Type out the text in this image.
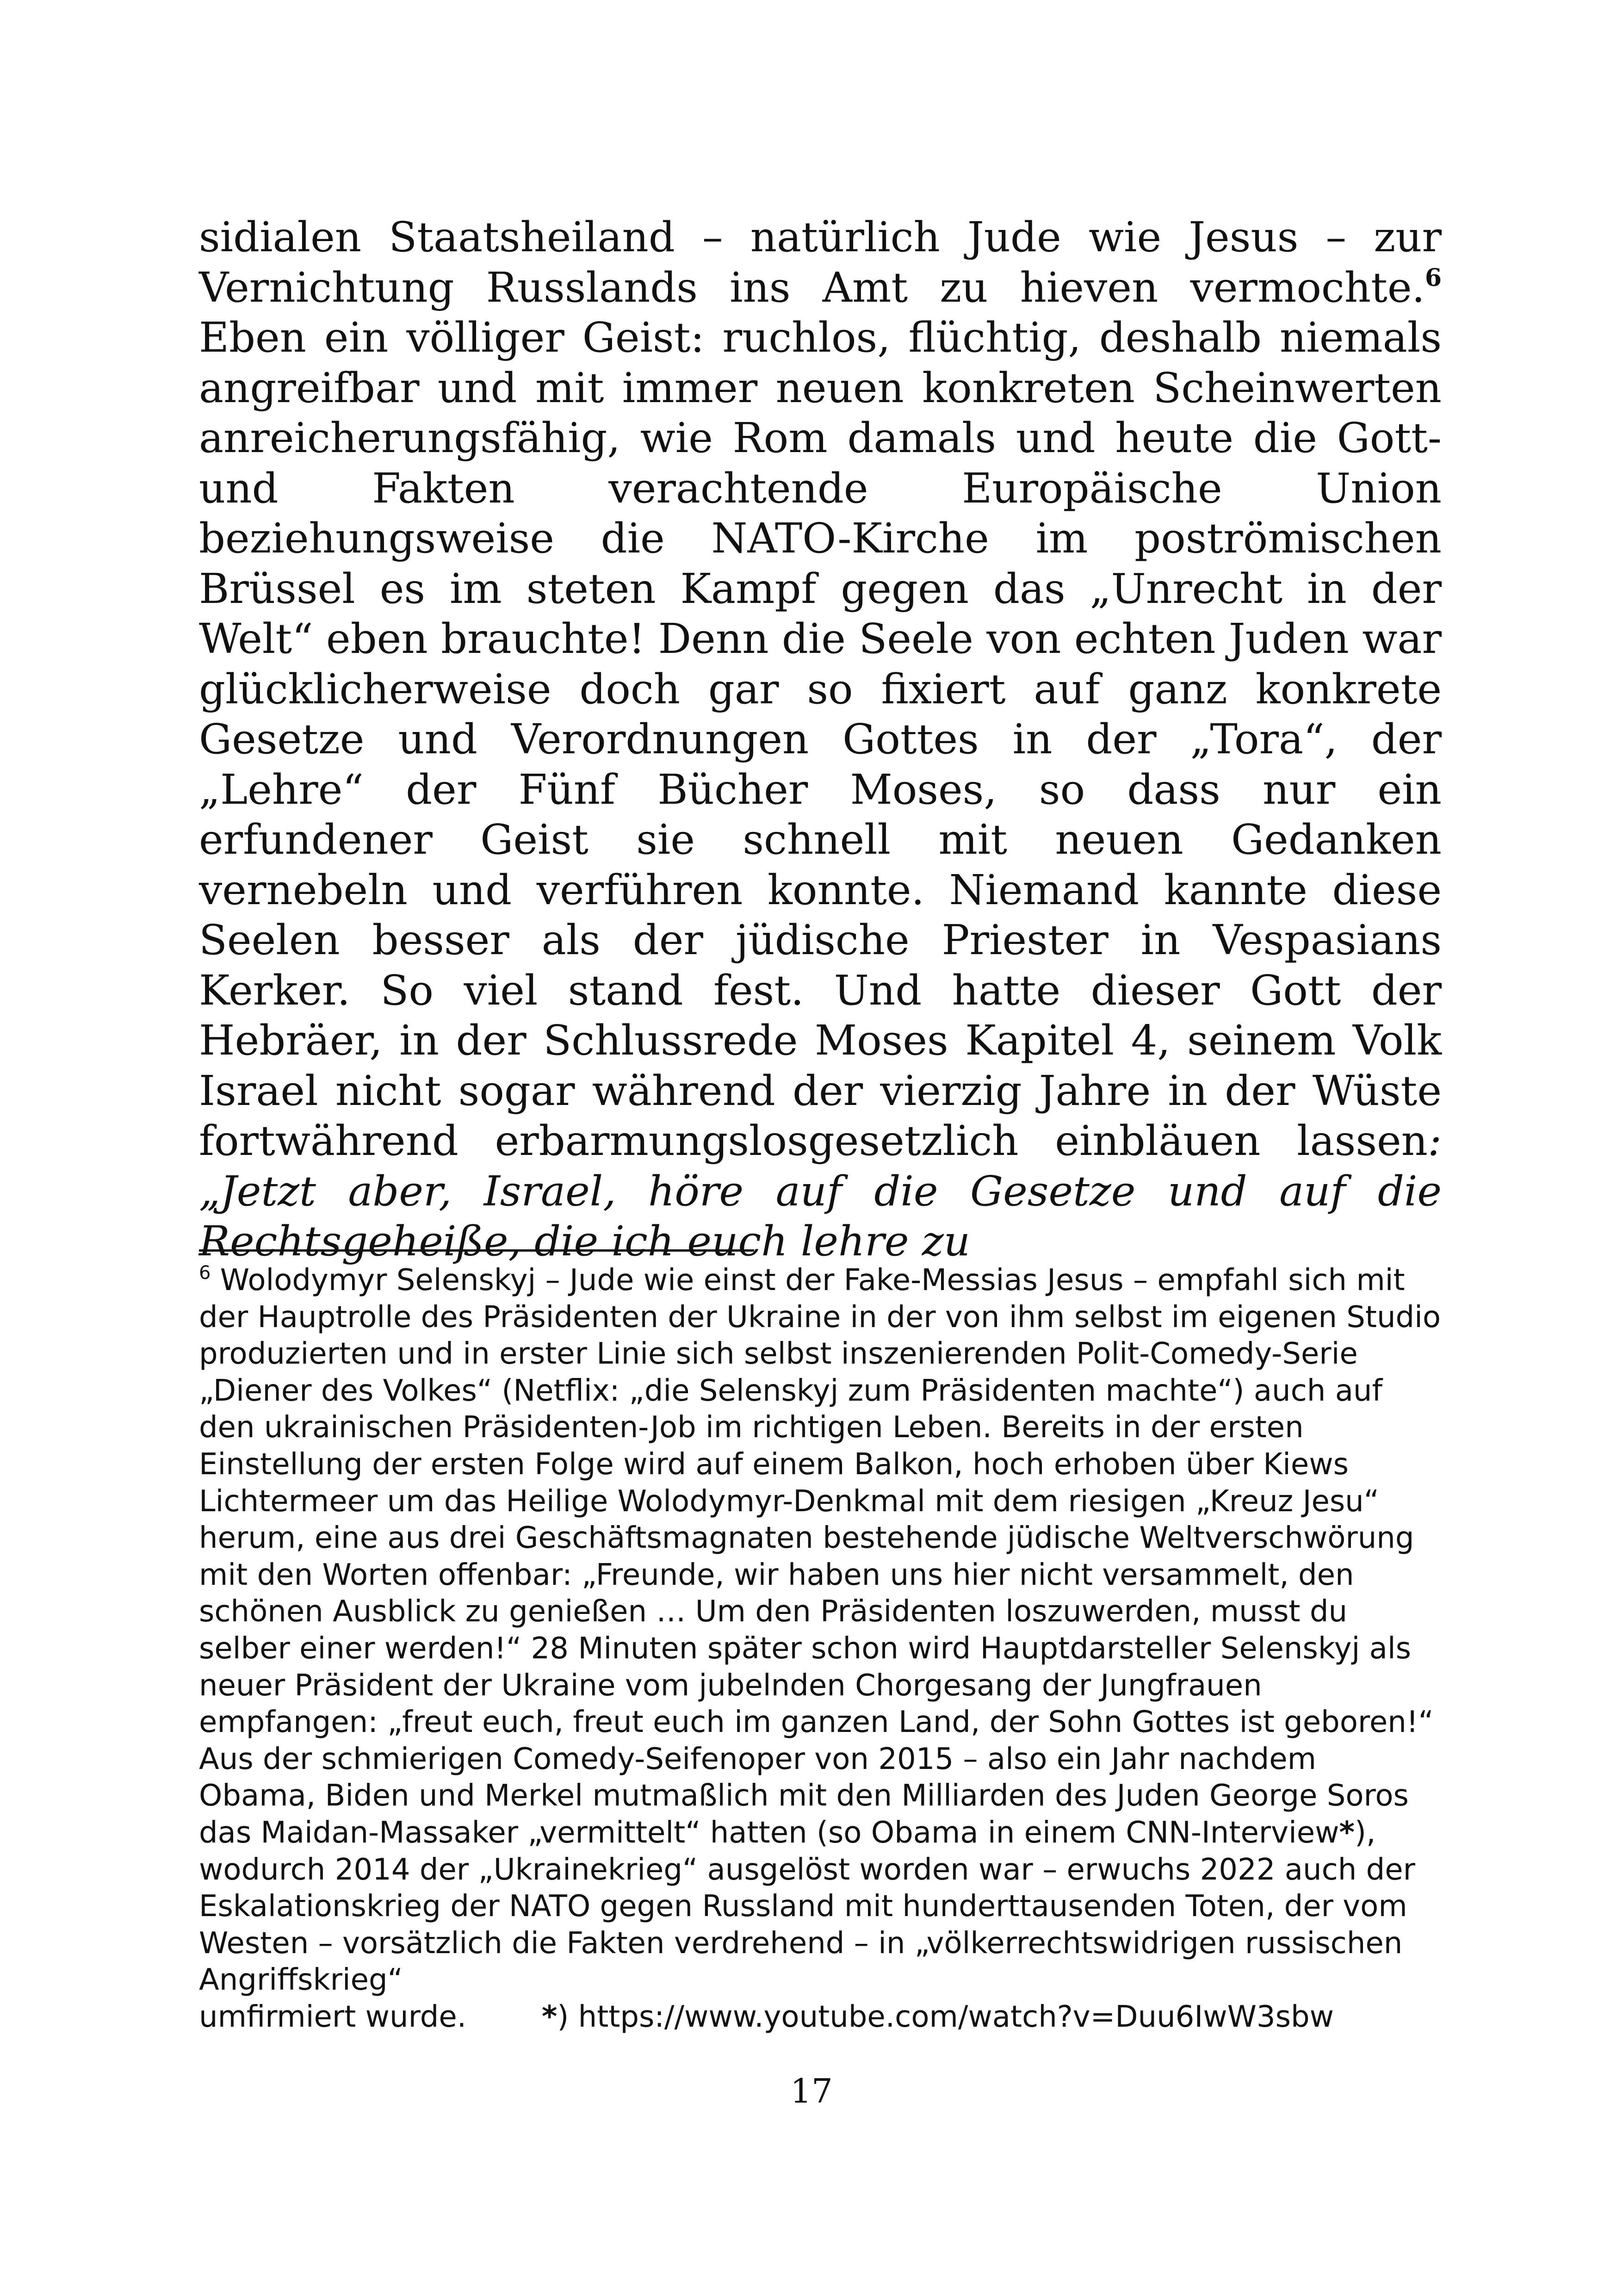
sidialen Staatsheiland – natürlich Jude wie Jesus – zur Vernichtung Russlands ins Amt zu hieven vermochte.$^6$ Eben ein völliger Geist: ruchlos, flüchtig, deshalb niemals angreifbar und mit immer neuen konkreten Scheinwerten anreicherungsfähig, wie Rom damals und heute die Gott- und Fakten verachtende Europäische Union beziehungsweise die NATO-Kirche im poströmischen Brüssel es im steten Kampf gegen das „Unrecht in der Welt“ eben brauchte! Denn die Seele von echten Juden war glücklicherweise doch gar so fixiert auf ganz konkrete Gesetze und Verordnungen Gottes in der „Tora“, der „Lehre“ der Fünf Bücher Moses, so dass nur ein erfundener Geist sie schnell mit neuen Gedanken vernebeln und verführen konnte. Niemand kannte diese Seelen besser als der jüdische Priester in Vespasians Kerker. So viel stand fest. Und hatte dieser Gott der Hebräer, in der Schlussrede Moses Kapitel 4, seinem Volk Israel nicht sogar während der vierzig Jahre in der Wüste fortwährend erbarmungslosgesetzlich einbläuen lassen: „Jetzt aber, Israel, höre auf die Gesetze und auf die Rechtsgeheiße, die ich euch lehre zu

$^6$ Wolodymyr Selenskyj – Jude wie einst der Fake-Messias Jesus – empfahl sich mit der Hauptrolle des Präsidenten der Ukraine in der von ihm selbst im eigenen Studio produzierten und in erster Linie sich selbst inszenierenden Polit-Comedy-Serie „Diener des Volkes“ (Netflix: „die Selenskyj zum Präsidenten machte“) auch auf den ukrainischen Präsidenten-Job im richtigen Leben. Bereits in der ersten Einstellung der ersten Folge wird auf einem Balkon, hoch erhoben über Kiews Lichtermeer um das Heilige Wolodymyr-Denkmal mit dem riesigen „Kreuz Jesu“ herum, eine aus drei Geschäftsmagnaten bestehende jüdische Weltverschwörung mit den Worten offenbar: „Freunde, wir haben uns hier nicht versammelt, den schönen Ausblick zu genießen … Um den Präsidenten loszuwerden, musst du selber einer werden!“ 28 Minuten später schon wird Hauptdarsteller Selenskyj als neuer Präsident der Ukraine vom jubelnden Chorgesang der Jungfrauen empfangen: „freut euch, freut euch im ganzen Land, der Sohn Gottes ist geboren!“ Aus der schmierigen Comedy-Seifenoper von 2015 – also ein Jahr nachdem Obama, Biden und Merkel mutmaßlich mit den Milliarden des Juden George Soros das Maidan-Massaker „vermittelt“ hatten (so Obama in einem CNN-Interview*), wodurch 2014 der „Ukrainekrieg“ ausgelöst worden war – erwuchs 2022 auch der Eskalationskrieg der NATO gegen Russland mit hunderttausenden Toten, der vom Westen – vorsätzlich die Fakten verdrehend – in „völkerrechtswidrigen russischen Angriffskrieg“
umfirmiert wurde.	*) https://www.youtube.com/watch?v=Duu6IwW3sbw

17
